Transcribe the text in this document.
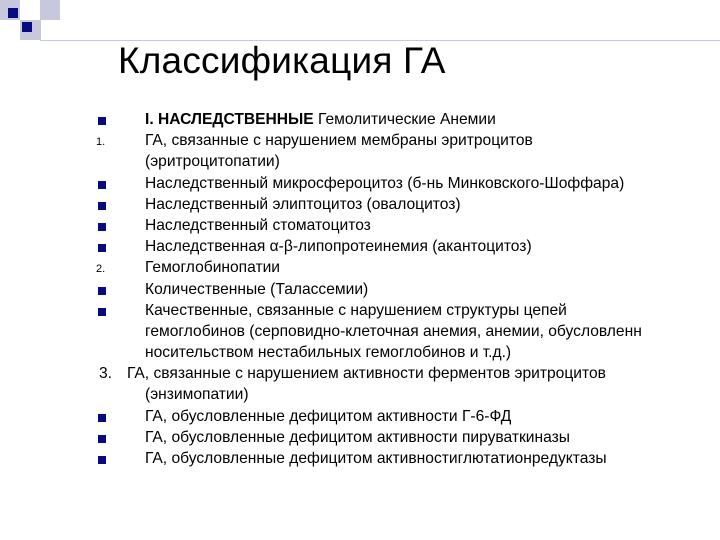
Классификация ГА
I. НАСЛЕДСТВЕННЫЕ Гемолитические Анемии
1.	ГА, связанные с нарушением мембраны эритроцитов
(эритроцитопатии)
Наследственный микросфероцитоз (б-нь Минковского-Шоффара)
Наследственный элиптоцитоз (овалоцитоз)
Наследственный стоматоцитоз
Наследственная α-β-липопротеинемия (акантоцитоз)
2.	Гемоглобинопатии
Количественные (Талассемии)
Качественные, связанные с нарушением структуры цепей
гемоглобинов (серповидно-клеточная анемия, анемии, обусловленн
носительством нестабильных гемоглобинов и т.д.)
3. ГА, связанные с нарушением активности ферментов эритроцитов
(энзимопатии)
ГА, обусловленные дефицитом активности Г-6-ФД
ГА, обусловленные дефицитом активности пируваткиназы
ГА, обусловленные дефицитом активностиглютатионредуктазы
